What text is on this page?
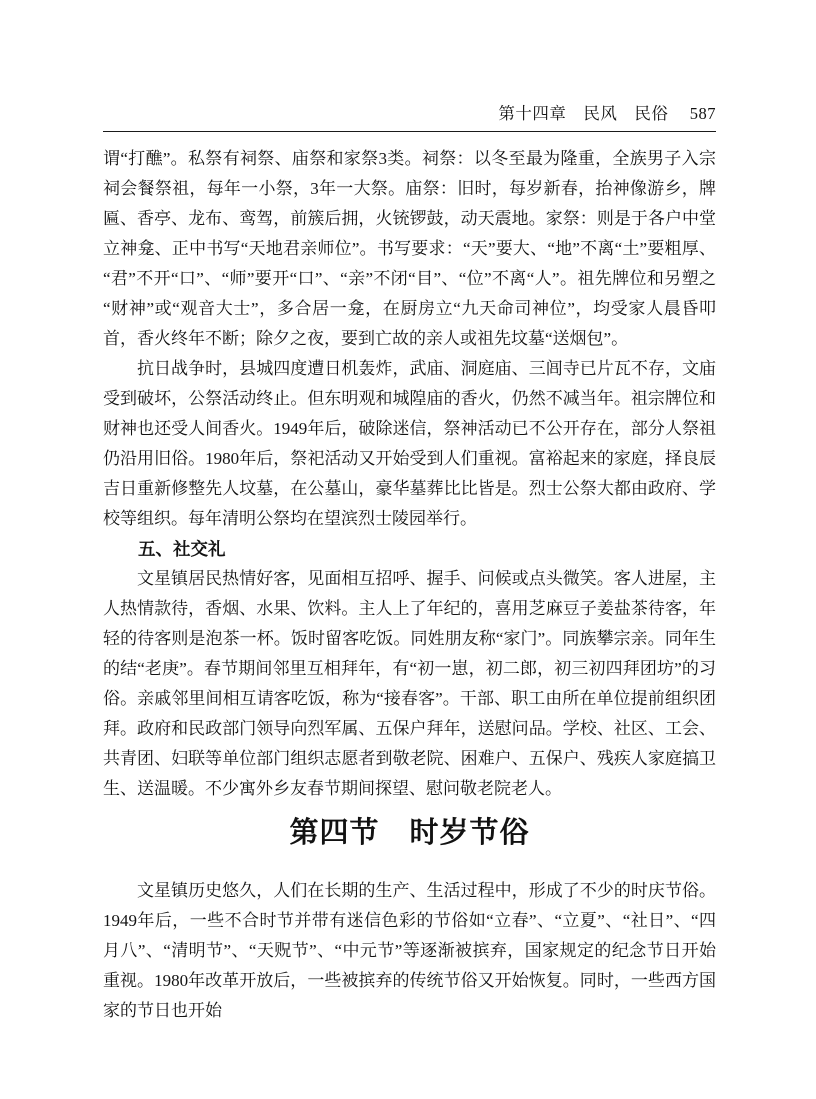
第十四章　民风　民俗 587

谓“打醮”。私祭有祠祭、庙祭和家祭3类。祠祭：以冬至最为隆重，全族男子入宗祠会餐祭祖，每年一小祭，3年一大祭。庙祭：旧时，每岁新春，抬神像游乡，牌匾、香亭、龙布、鸾驾，前簇后拥，火铳锣鼓，动天震地。家祭：则是于各户中堂立神龛、正中书写“天地君亲师位”。书写要求：“天”要大、“地”不离“土”要粗厚、“君”不开“口”、“师”要开“口”、“亲”不闭“目”、“位”不离“人”。祖先牌位和另塑之“财神”或“观音大士”，多合居一龛，在厨房立“九天命司神位”，均受家人晨昏叩首，香火终年不断；除夕之夜，要到亡故的亲人或祖先坟墓“送烟包”。

抗日战争时，县城四度遭日机轰炸，武庙、洞庭庙、三闾寺已片瓦不存，文庙受到破坏，公祭活动终止。但东明观和城隍庙的香火，仍然不减当年。祖宗牌位和财神也还受人间香火。1949年后，破除迷信，祭神活动已不公开存在，部分人祭祖仍沿用旧俗。1980年后，祭祀活动又开始受到人们重视。富裕起来的家庭，择良辰吉日重新修整先人坟墓，在公墓山，豪华墓葬比比皆是。烈士公祭大都由政府、学校等组织。每年清明公祭均在望滨烈士陵园举行。

五、社交礼

文星镇居民热情好客，见面相互招呼、握手、问候或点头微笑。客人进屋，主人热情款待，香烟、水果、饮料。主人上了年纪的，喜用芝麻豆子姜盐茶待客，年轻的待客则是泡茶一杯。饭时留客吃饭。同姓朋友称“家门”。同族攀宗亲。同年生的结“老庚”。春节期间邻里互相拜年，有“初一崽，初二郎，初三初四拜团坊”的习俗。亲戚邻里间相互请客吃饭，称为“接春客”。干部、职工由所在单位提前组织团拜。政府和民政部门领导向烈军属、五保户拜年，送慰问品。学校、社区、工会、共青团、妇联等单位部门组织志愿者到敬老院、困难户、五保户、残疾人家庭搞卫生、送温暖。不少寓外乡友春节期间探望、慰问敬老院老人。

第四节　时岁节俗

文星镇历史悠久，人们在长期的生产、生活过程中，形成了不少的时庆节俗。1949年后，一些不合时节并带有迷信色彩的节俗如“立春”、“立夏”、“社日”、“四月八”、“清明节”、“天贶节”、“中元节”等逐渐被摈弃，国家规定的纪念节日开始重视。1980年改革开放后，一些被摈弃的传统节俗又开始恢复。同时，一些西方国家的节日也开始
